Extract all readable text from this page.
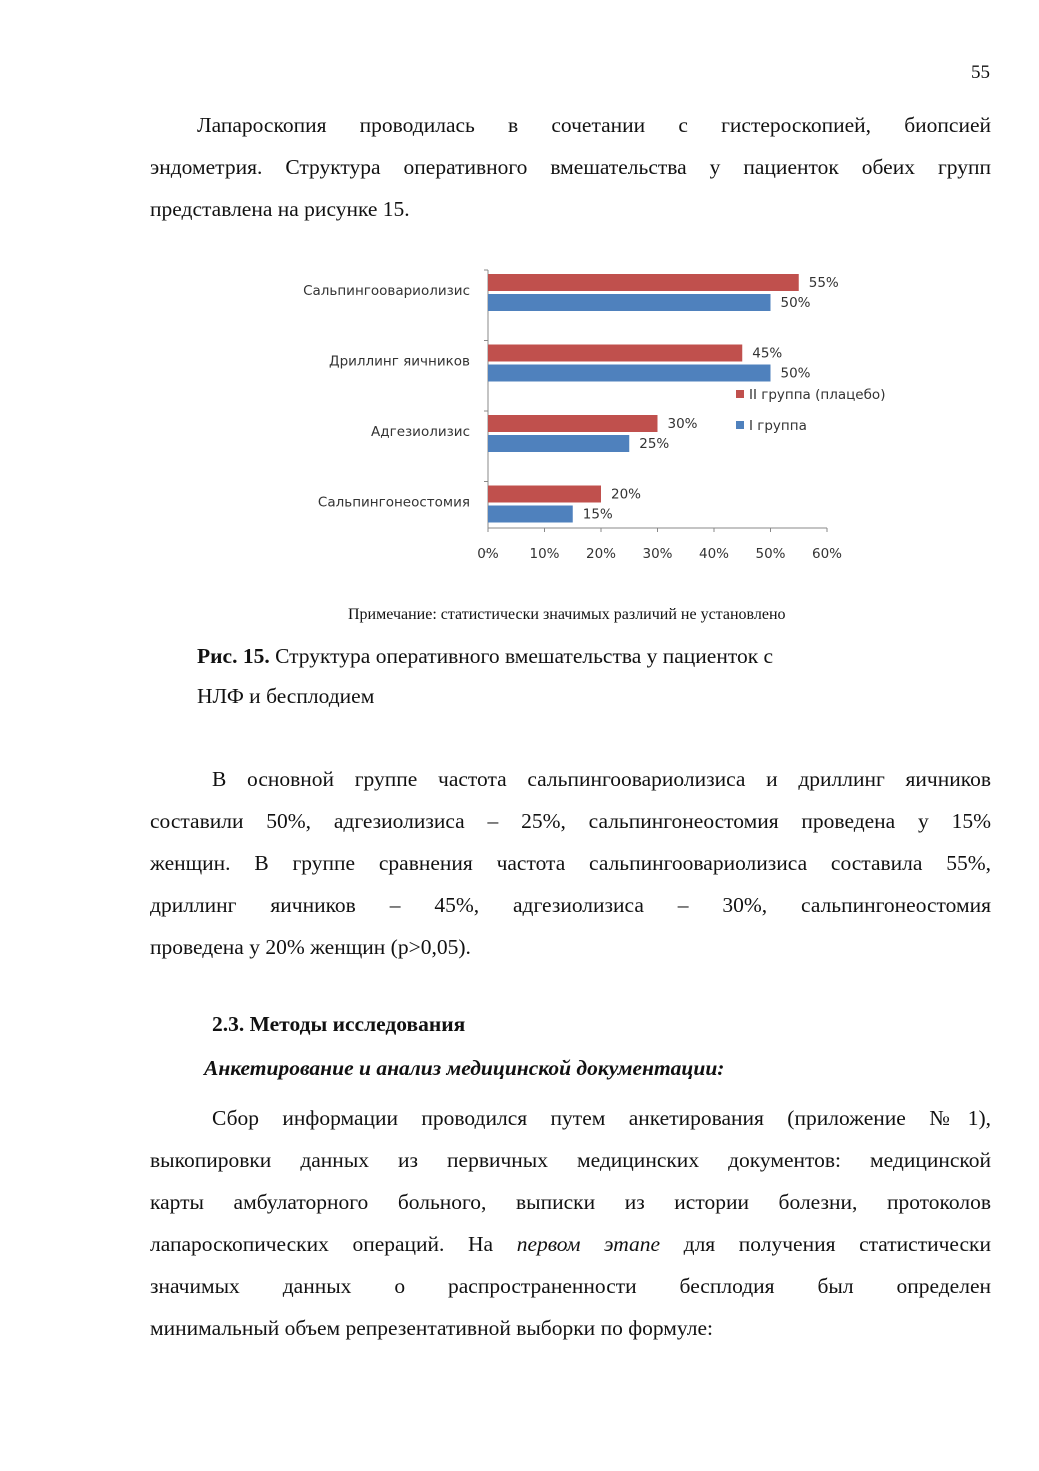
55
Лапароскопия проводилась в сочетании с гистероскопией, биопсией
эндометрия. Структура оперативного вмешательства у пациенток обеих групп
представлена на рисунке 15.
0% 10% 20% 30% 40% 50% 60%
Сальпингоовариолизис	55%
50%
Дриллинг яичников	45%
50%
Адгезиолизис	30%
25%
Сальпингонеостомия	20%
15%
II группа (плацебо)
I группа
Примечание: статистически значимых различий не установлено
Рис. 15. Структура оперативного вмешательства у пациенток с
НЛФ и бесплодием
В основной группе частота сальпингоовариолизиса и дриллинг яичников
составили 50%, адгезиолизиса – 25%, сальпингонеостомия проведена у 15%
женщин. В группе сравнения частота сальпингоовариолизиса составила 55%,
дриллинг яичников – 45%, адгезиолизиса – 30%, сальпингонеостомия
проведена у 20% женщин (p>0,05).
2.3. Методы исследования
Анкетирование и анализ медицинской документации:
Сбор информации проводился путем анкетирования (приложение №1),
выкопировки данных из первичных медицинских документов: медицинской
карты амбулаторного больного, выписки из истории болезни, протоколов
лапароскопических операций. На первом этапе для получения статистически
значимых данных о распространенности бесплодия был определен
минимальный объем репрезентативной выборки по формуле:
